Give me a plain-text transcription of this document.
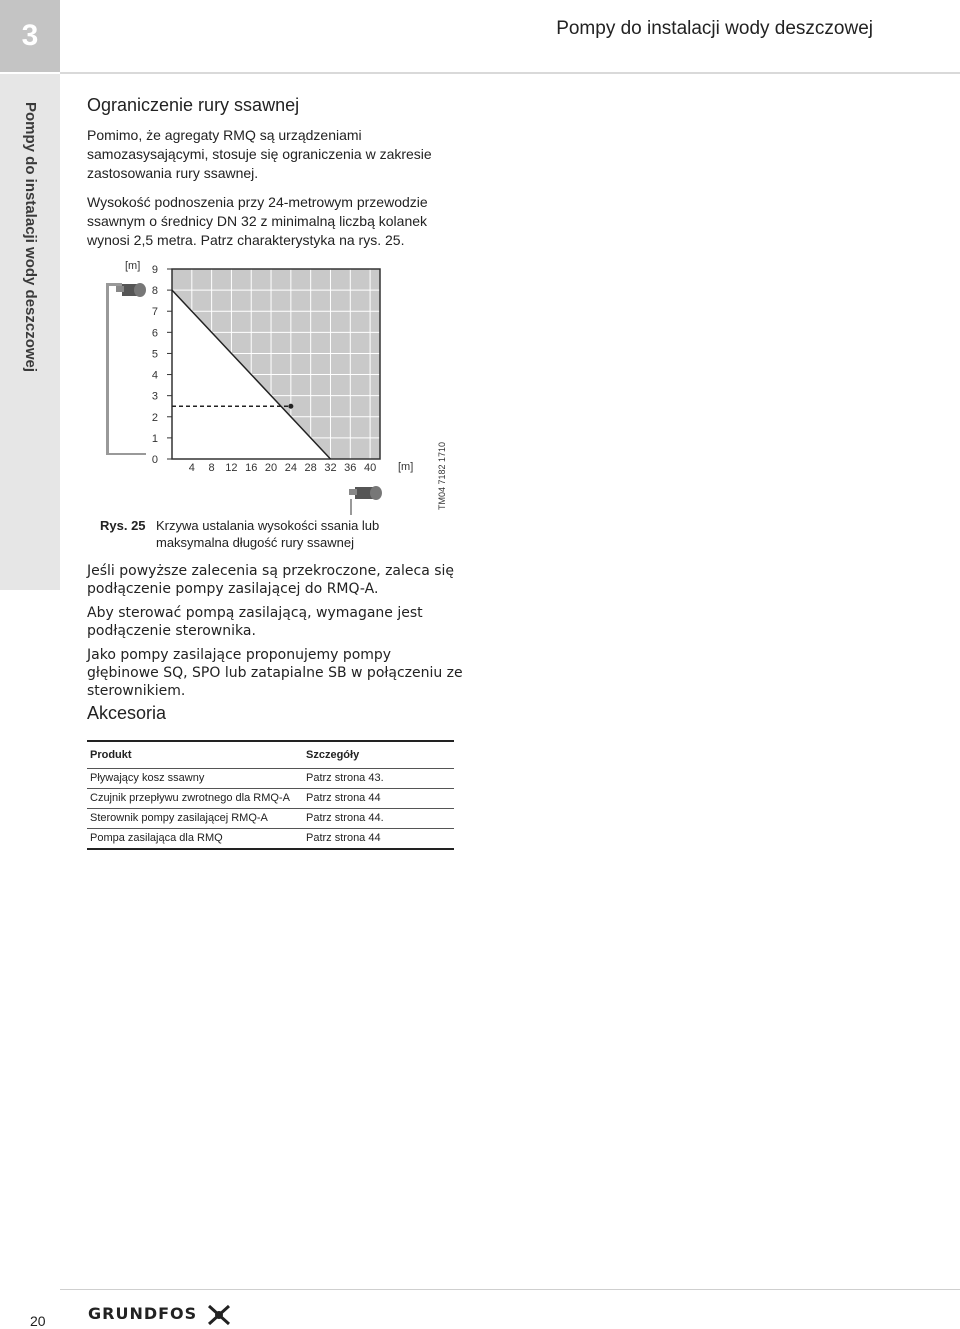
3	Pompy do instalacji wody deszczowej
Pompy do instalacji wody deszczowej	Ograniczenie rury ssawnej

Pomimo, że agregaty RMQ są urządzeniami samozasysającymi, stosuje się ograniczenia w zakresie zastosowania rury ssawnej.

Wysokość podnoszenia przy 24-metrowym przewodzie ssawnym o średnicy DN 32 z minimalną liczbą kolanek wynosi 2,5 metra. Patrz charakterystyka na rys. 25.

0
1
2
3
4
5
6
7
8
9
4 8 12 16 20 24 28 32 36 40
[m]
[m]	TM04 7182 1710
Rys. 25 Krzywa ustalania wysokości ssania lub maksymalna długość rury ssawnej

Jeśli powyższe zalecenia są przekroczone, zaleca się podłączenie pompy zasilającej do RMQ-A.

Aby sterować pompą zasilającą, wymagane jest podłączenie sterownika.

Jako pompy zasilające proponujemy pompy głębinowe SQ, SPO lub zatapialne SB w połączeniu ze sterownikiem.

Akcesoria
Produkt	Szczegóły
Pływający kosz ssawny	Patrz strona 43.
Czujnik przepływu zwrotnego dla RMQ-A	Patrz strona 44
Sterownik pompy zasilającej RMQ-A	Patrz strona 44.
Pompa zasilająca dla RMQ	Patrz strona 44
20	GRUNDFOS
